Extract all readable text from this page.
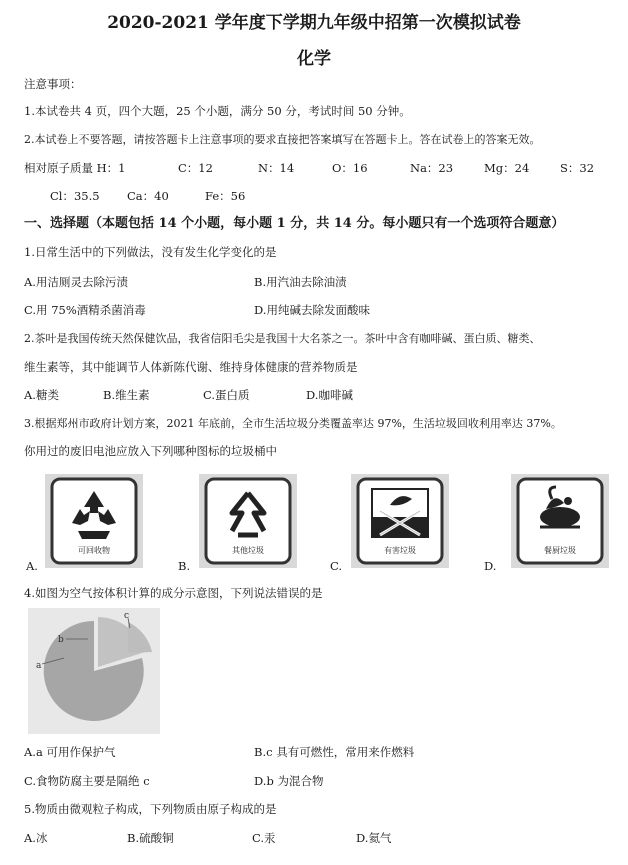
2020-2021 学年度下学期九年级中招第一次模拟试卷
化学
注意事项：
1.本试卷共 4 页，四个大题，25 个小题，满分 50 分，考试时间 50 分钟。
2.本试卷上不要答题，请按答题卡上注意事项的要求直接把答案填写在答题卡上。答在试卷上的答案无效。
相对原子质量 H：1	C：12	N：14	O：16	Na：23	Mg：24	S：32
Cl：35.5 Ca：40	Fe：56
一、选择题（本题包括 14 个小题，每小题 1 分，共 14 分。每小题只有一个选项符合题意）
1.日常生活中的下列做法，没有发生化学变化的是
A.用洁厕灵去除污渍	B.用汽油去除油渍
C.用 75%酒精杀菌消毒	D.用纯碱去除发面酸味
2.茶叶是我国传统天然保健饮品，我省信阳毛尖是我国十大名茶之一。茶叶中含有咖啡碱、蛋白质、糖类、
维生素等，其中能调节人体新陈代谢、维持身体健康的营养物质是
A.糖类	B.维生素	C.蛋白质	D.咖啡碱
3.根据郑州市政府计划方案，2021 年底前，全市生活垃圾分类覆盖率达 97%，生活垃圾回收利用率达 37%。
你用过的废旧电池应放入下列哪种图标的垃圾桶中
可回收物
A.
其他垃圾
B.
有害垃圾
C.
餐厨垃圾
D.
4.如图为空气按体积计算的成分示意图，下列说法错误的是
b
a
c
A.a 可用作保护气	B.c 具有可燃性，常用来作燃料
C.食物防腐主要是隔绝 c	D.b 为混合物
5.物质由微观粒子构成，下列物质由原子构成的是
A.冰	B.硫酸铜	C.汞	D.氦气
